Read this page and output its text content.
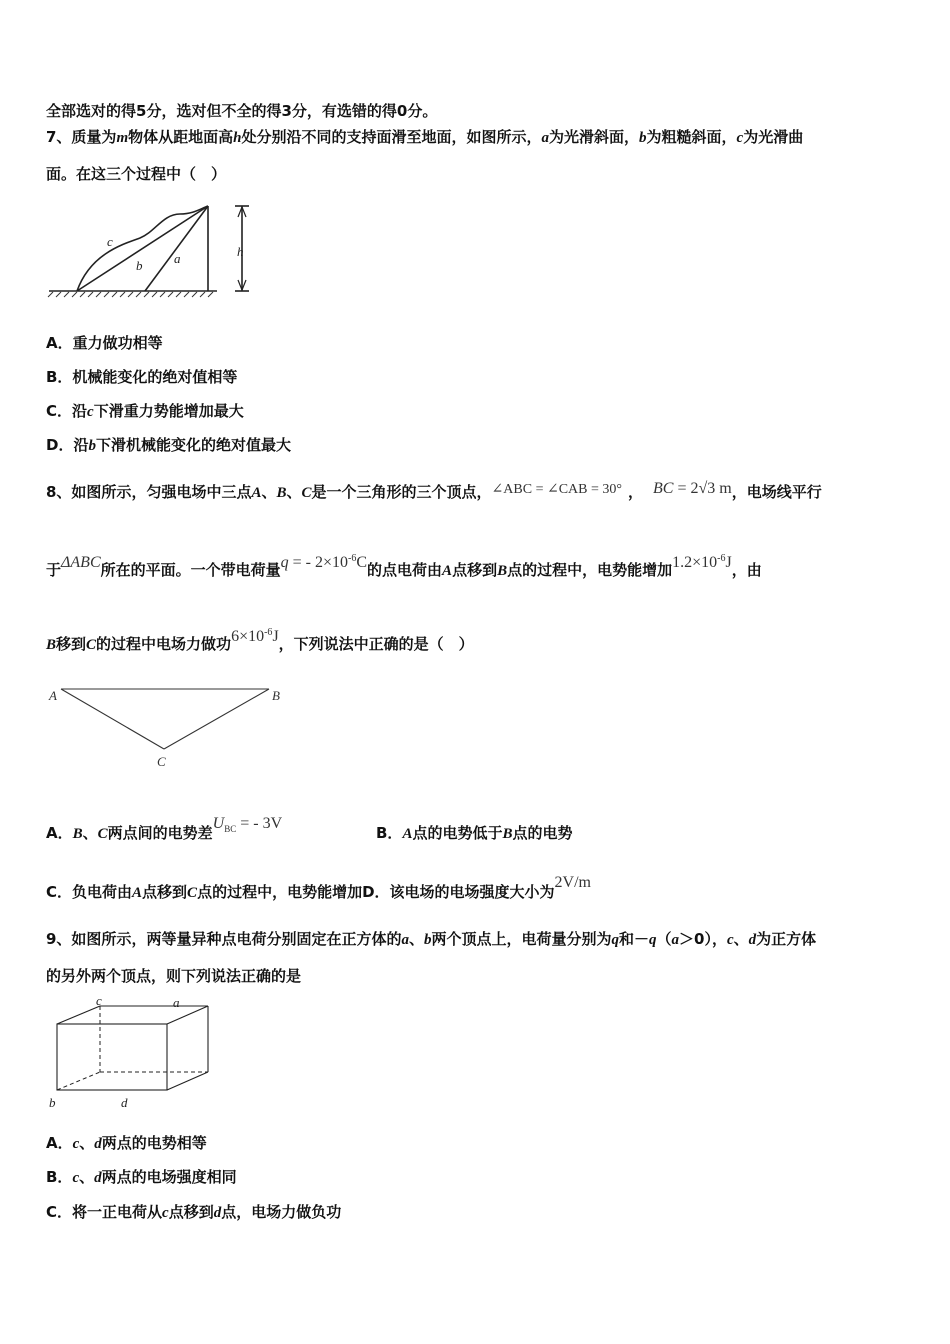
全部选对的得5分，选对但不全的得3分，有选错的得0分。
7、质量为m物体从距地面高h处分别沿不同的支持面滑至地面，如图所示，a为光滑斜面，b为粗糙斜面，c为光滑曲
面。在这三个过程中（　）
c
b a	h
A．重力做功相等
B．机械能变化的绝对值相等
C．沿c下滑重力势能增加最大
D．沿b下滑机械能变化的绝对值最大
8、如图所示，匀强电场中三点A、B、C是一个三角形的三个顶点，∠ABC = ∠CAB = 30° ， BC = 2√3 m，电场线平行
于ΔABC所在的平面。一个带电荷量q = - $2\times 10^{-6}C$的点电荷由A点移到B点的过程中，电势能增加$1.2\times 10^{-6}J$，由
B移到C的过程中电场力做功$6\times 10^{-6}J$，下列说法中正确的是（　）
A	B
C
A．B、C两点间的电势差$U^{BC}$ = - 3V
B．A点的电势低于B点的电势
C．负电荷由A点移到C点的过程中，电势能增加D．该电场的电场强度大小为2V/m
9、如图所示，两等量异种点电荷分别固定在正方体的a、b两个顶点上，电荷量分别为q和－q（a＞0），c、d为正方体
的另外两个顶点，则下列说法正确的是
c	a
b	d
A．c、d两点的电势相等
B．c、d两点的电场强度相同
C．将一正电荷从c点移到d点，电场力做负功
